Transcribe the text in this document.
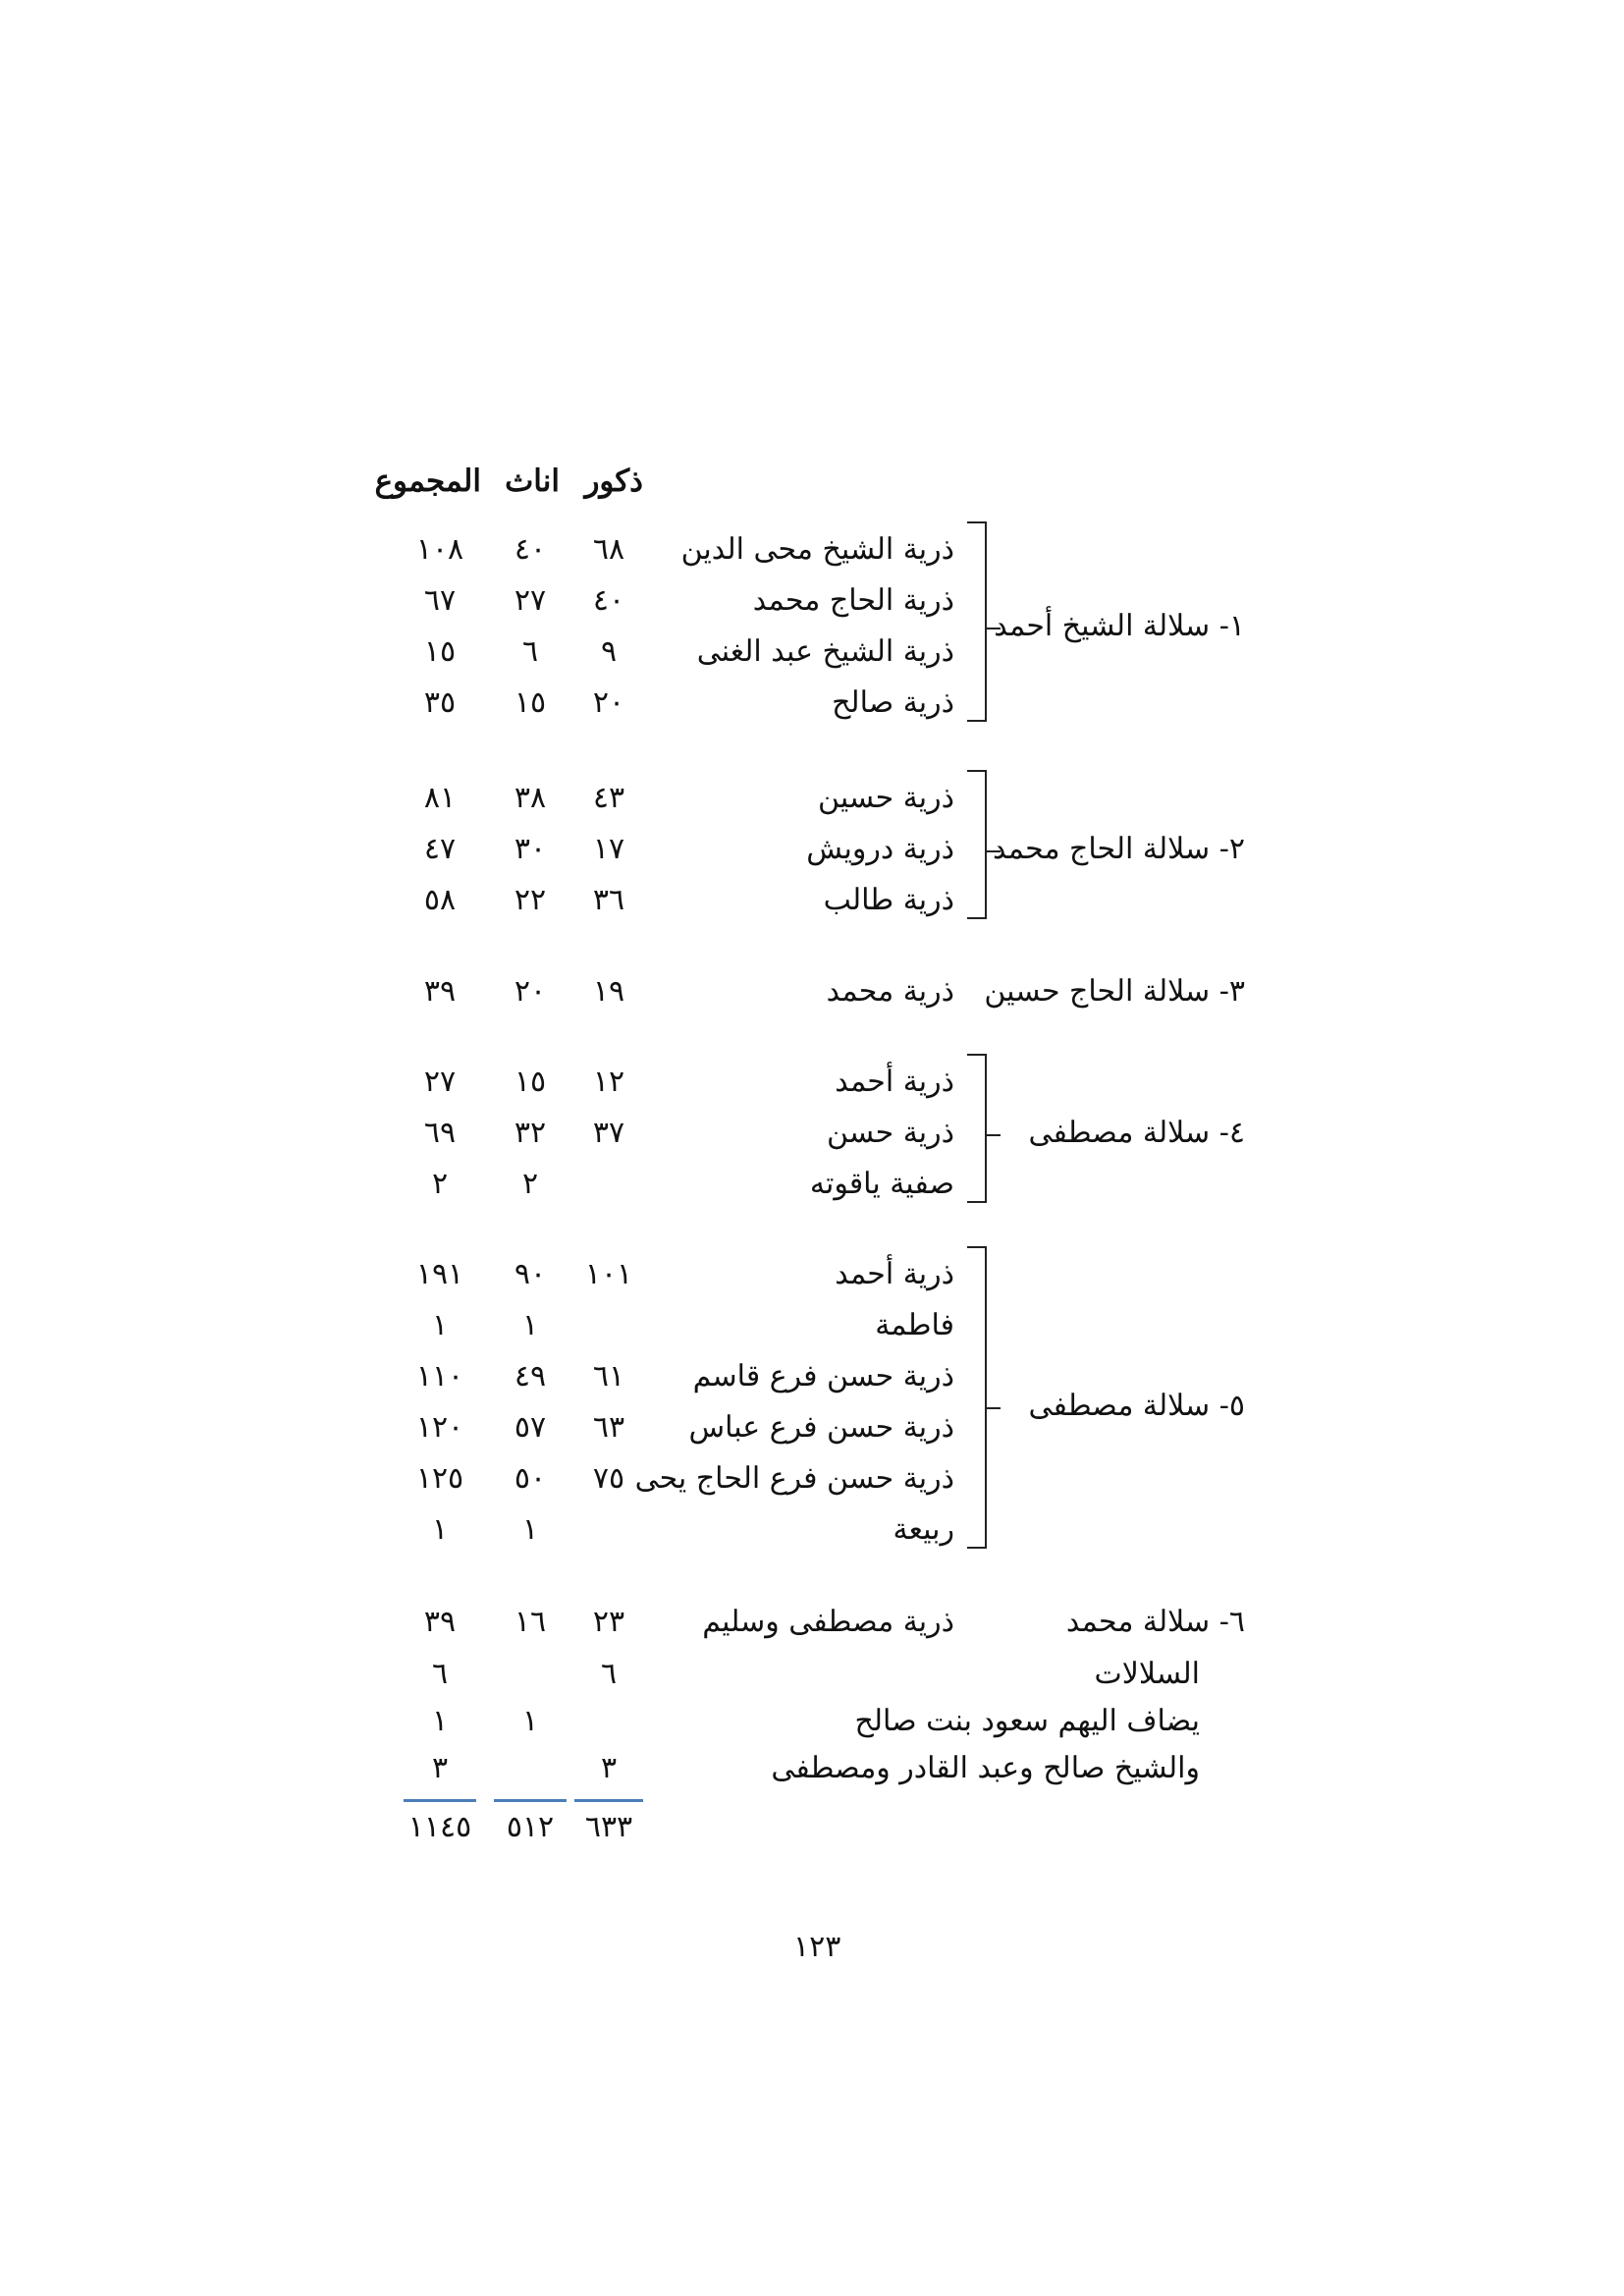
ذكور
اناث
المجموع
١- سلالة الشيخ أحمد
ذرية الشيخ محى الدين
٦٨
٤٠
١٠٨
ذرية الحاج محمد
٤٠
٢٧
٦٧
ذرية الشيخ عبد الغنى
٩
٦
١٥
ذرية صالح
٢٠
١٥
٣٥
٢- سلالة الحاج محمد
ذرية حسين
٤٣
٣٨
٨١
ذرية درويش
١٧
٣٠
٤٧
ذرية طالب
٣٦
٢٢
٥٨
٣- سلالة الحاج حسين
ذرية محمد
١٩
٢٠
٣٩
٤- سلالة مصطفى
ذرية أحمد
١٢
١٥
٢٧
ذرية حسن
٣٧
٣٢
٦٩
صفية ياقوته
٢
٢
٥- سلالة مصطفى
ذرية أحمد
١٠١
٩٠
١٩١
فاطمة
١
١
ذرية حسن فرع قاسم
٦١
٤٩
١١٠
ذرية حسن فرع عباس
٦٣
٥٧
١٢٠
ذرية حسن فرع الحاج يحى
٧٥
٥٠
١٢٥
ربيعة
١
١
٦- سلالة محمد
ذرية مصطفى وسليم
٢٣
١٦
٣٩
السلالات
٦
٦
يضاف اليهم سعود بنت صالح
١
١
والشيخ صالح وعبد القادر ومصطفى
٣
٣
٦٣٣
٥١٢
١١٤٥
١٢٣
